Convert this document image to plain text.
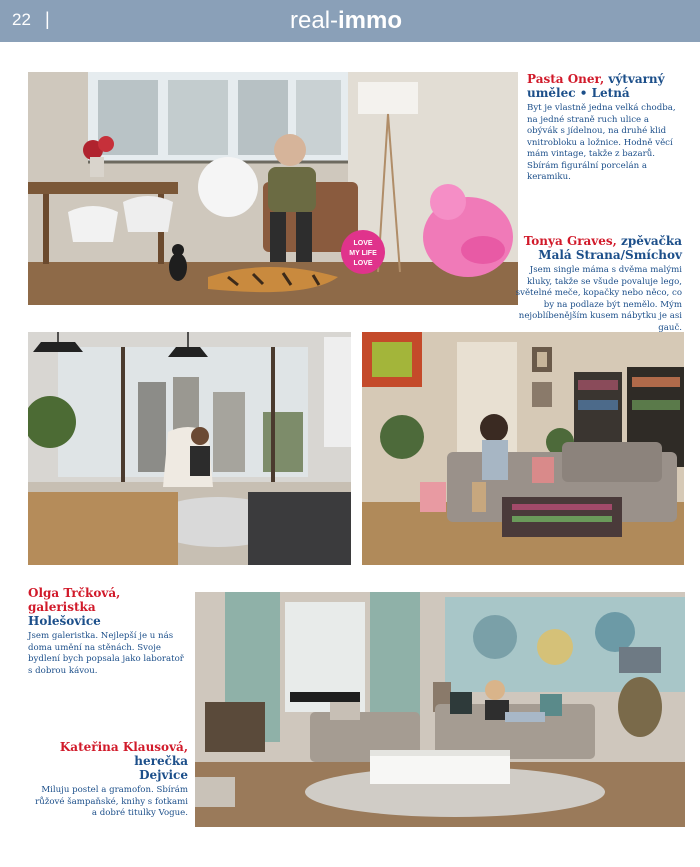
22 |	real-immo
LOVE
MY LIFE
LOVE
Pasta Oner, výtvarný
umělec • Letná
Byt je vlastně jedna velká chodba, na jedné straně ruch ulice a obývák s jídelnou, na druhé klid vnitrobloku a ložnice. Hodně věcí mám vintage, takže z bazarů. Sbírám figurální porcelán a keramiku.
Tonya Graves, zpěvačka
Malá Strana/Smíchov
Jsem single máma s dvěma malými kluky, takže se všude povaluje lego, světelné meče, kopačky nebo něco, co by na podlaze být nemělo. Mým nejoblíbenějším kusem nábytku je asi gauč.
Olga Trčková,
galeristka
Holešovice
Jsem galeristka. Nejlepší je u nás doma umění na stěnách. Svoje bydlení bych popsala jako laboratoř s dobrou kávou.
Kateřina Klausová,
herečka
Dejvice
Miluju postel a gramofon. Sbírám růžové šampaňské, knihy s fotkami a dobré titulky Vogue.
